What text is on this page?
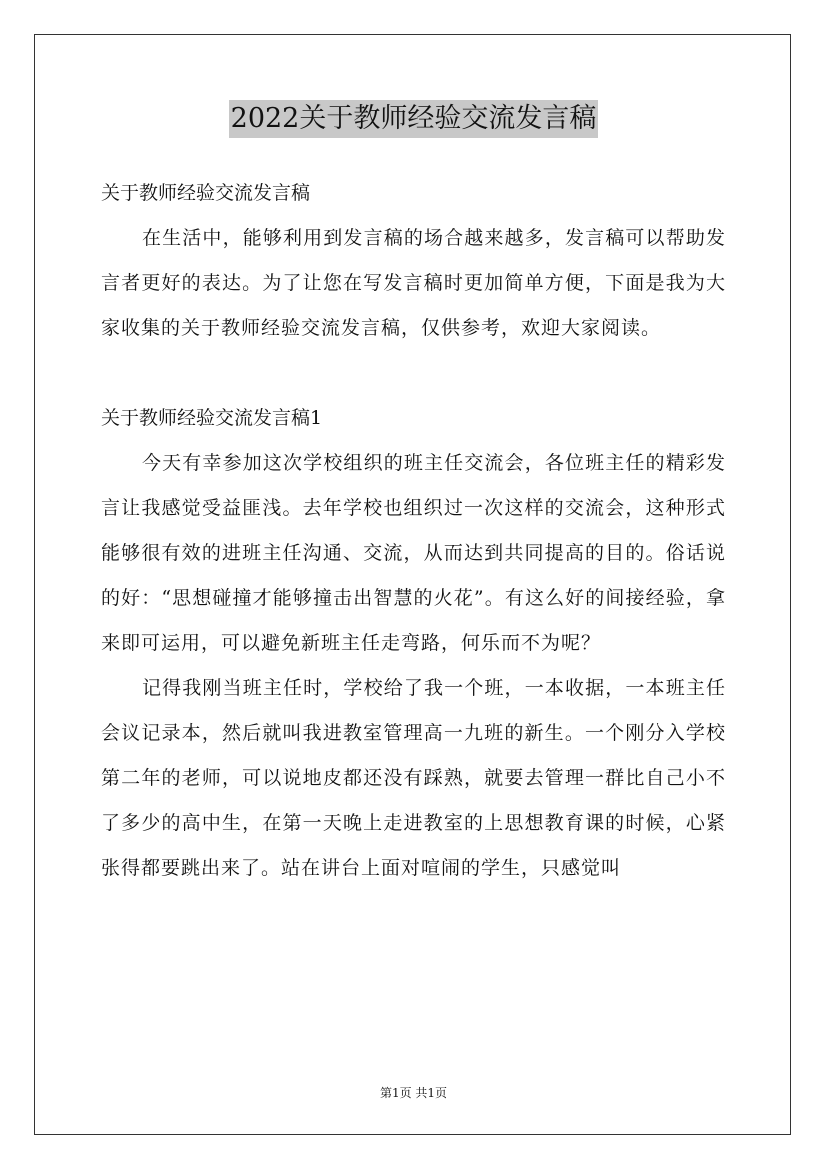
2022关于教师经验交流发言稿

关于教师经验交流发言稿

在生活中，能够利用到发言稿的场合越来越多，发言稿可以帮助发言者更好的表达。为了让您在写发言稿时更加简单方便，下面是我为大家收集的关于教师经验交流发言稿，仅供参考，欢迎大家阅读。

关于教师经验交流发言稿1

今天有幸参加这次学校组织的班主任交流会，各位班主任的精彩发言让我感觉受益匪浅。去年学校也组织过一次这样的交流会，这种形式能够很有效的进班主任沟通、交流，从而达到共同提高的目的。俗话说的好：“思想碰撞才能够撞击出智慧的火花”。有这么好的间接经验，拿来即可运用，可以避免新班主任走弯路，何乐而不为呢？

记得我刚当班主任时，学校给了我一个班，一本收据，一本班主任会议记录本，然后就叫我进教室管理高一九班的新生。一个刚分入学校第二年的老师，可以说地皮都还没有踩熟，就要去管理一群比自己小不了多少的高中生，在第一天晚上走进教室的上思想教育课的时候，心紧张得都要跳出来了。站在讲台上面对喧闹的学生，只感觉叫

第1页 共1页
